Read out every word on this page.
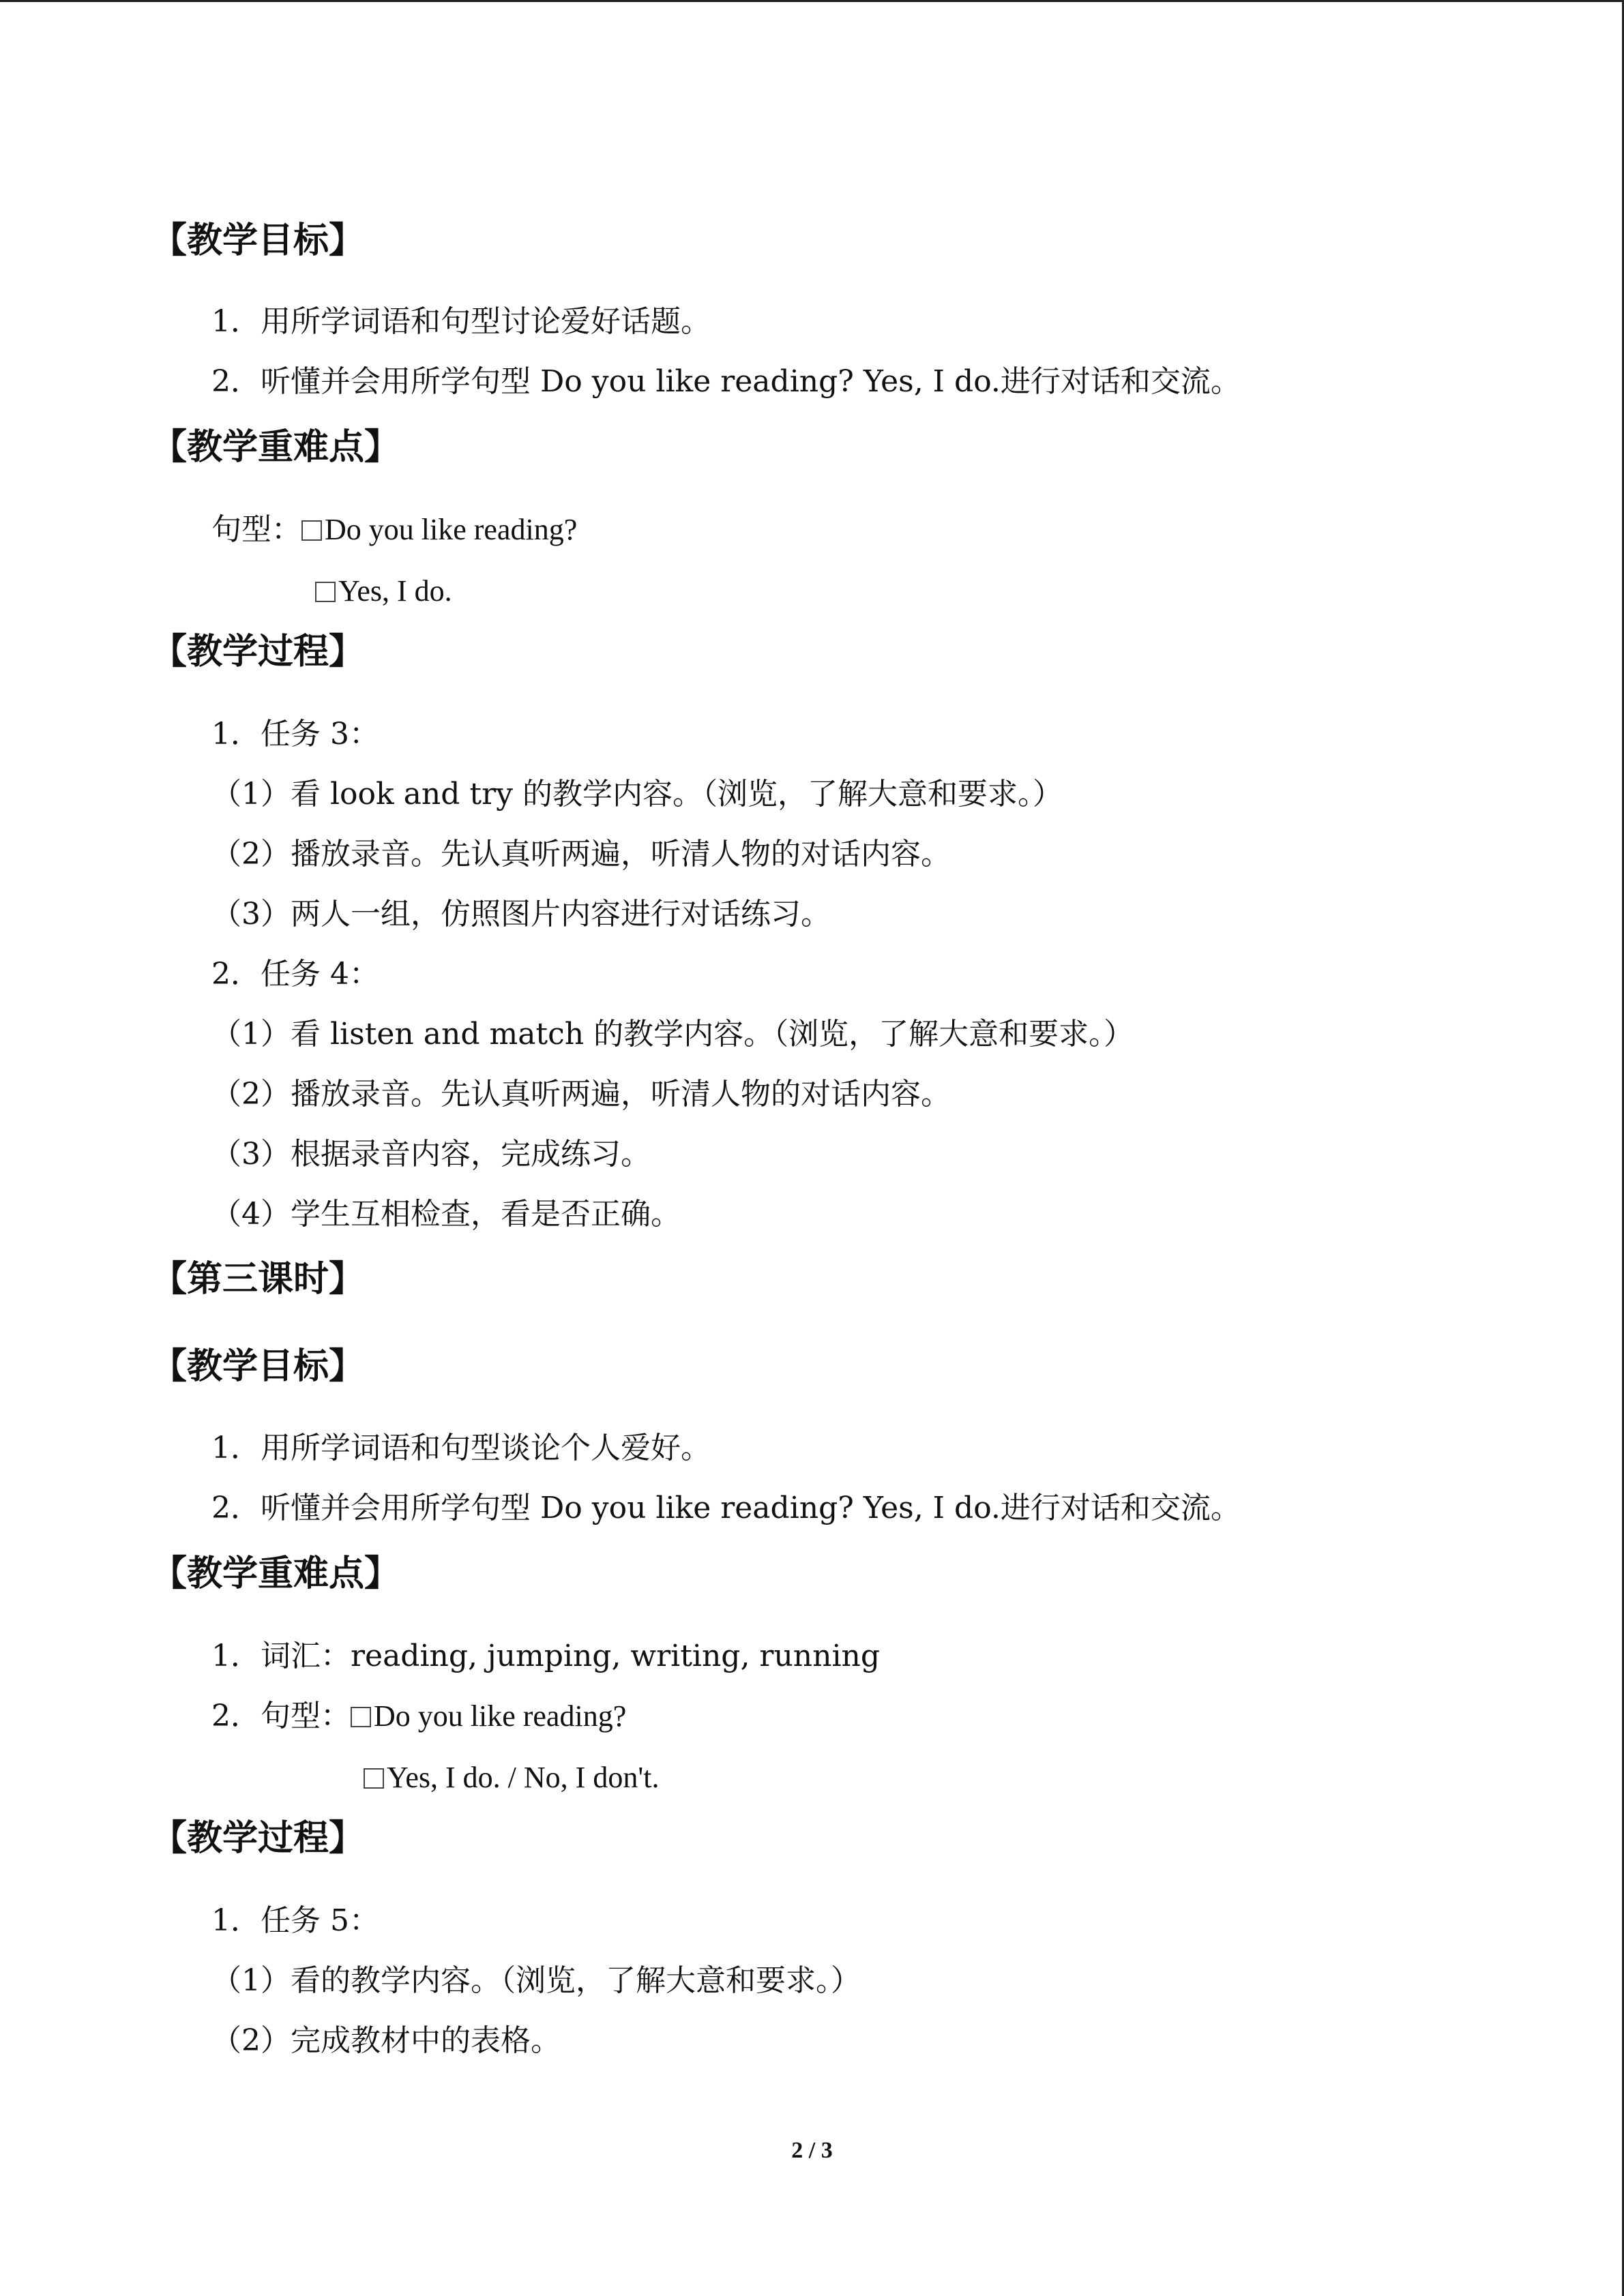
【教学目标】
1．用所学词语和句型讨论爱好话题。
2．听懂并会用所学句型 Do you like reading? Yes, I do.进行对话和交流。
【教学重难点】
句型： Do you like reading?
Yes, I do.
【教学过程】
1．任务 3：
（1）看 look and try 的教学内容。（浏览，了解大意和要求。）
（2）播放录音。先认真听两遍，听清人物的对话内容。
（3）两人一组，仿照图片内容进行对话练习。
2．任务 4：
（1）看 listen and match 的教学内容。（浏览，了解大意和要求。）
（2）播放录音。先认真听两遍，听清人物的对话内容。
（3）根据录音内容，完成练习。
（4）学生互相检查，看是否正确。
【第三课时】
【教学目标】
1．用所学词语和句型谈论个人爱好。
2．听懂并会用所学句型 Do you like reading? Yes, I do.进行对话和交流。
【教学重难点】
1．词汇：reading, jumping, writing, running
2．句型： Do you like reading?
Yes, I do. / No, I don't.
【教学过程】
1．任务 5：
（1）看的教学内容。（浏览，了解大意和要求。）
（2）完成教材中的表格。
2 / 3
